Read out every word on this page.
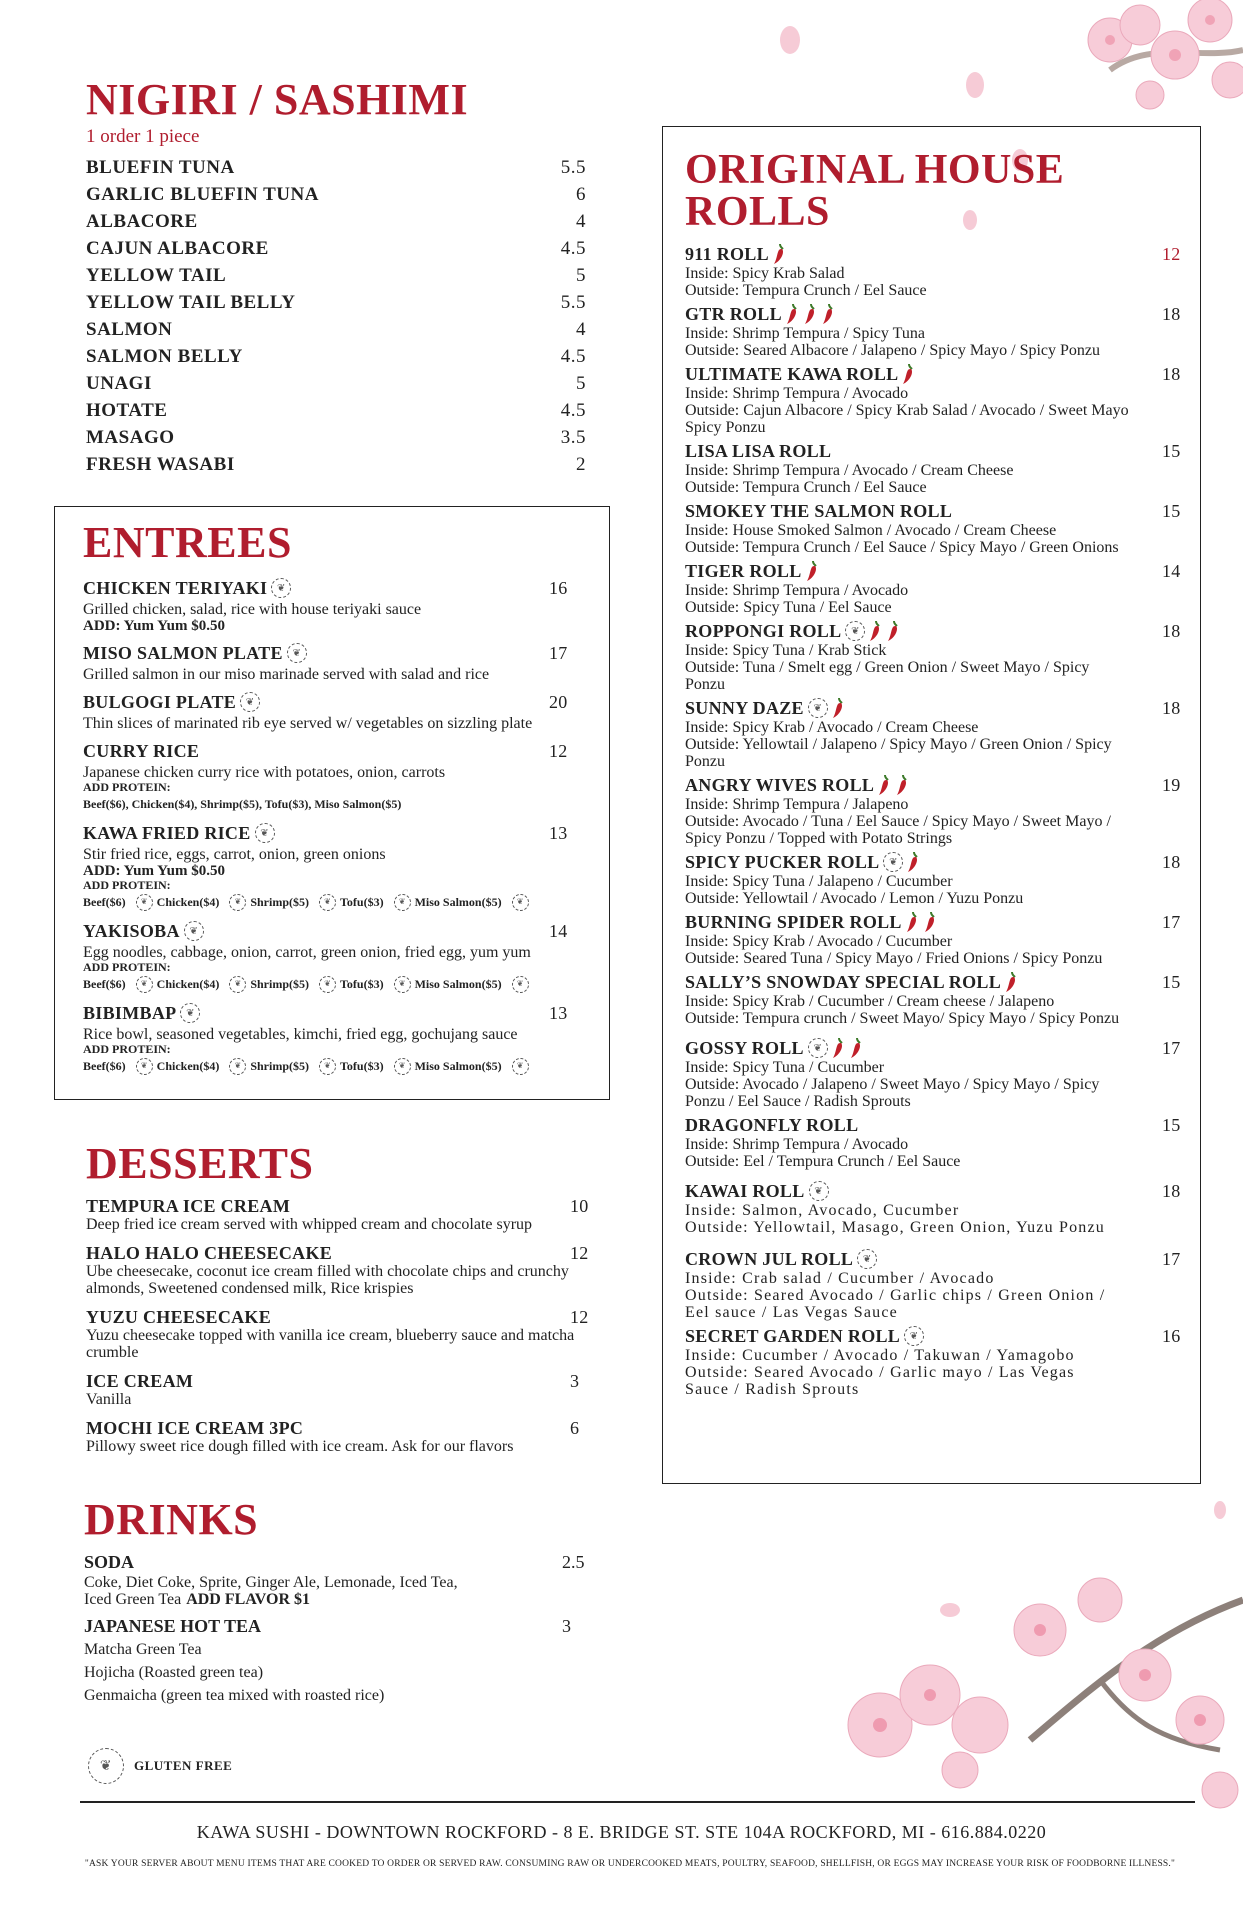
NIGIRI / SASHIMI
1 order 1 piece
BLUEFIN TUNA	5.5
GARLIC BLUEFIN TUNA	6
ALBACORE	4
CAJUN ALBACORE	4.5
YELLOW TAIL	5
YELLOW TAIL BELLY	5.5
SALMON	4
SALMON BELLY	4.5
UNAGI	5
HOTATE	4.5
MASAGO	3.5
FRESH WASABI	2
ENTREES
CHICKEN TERIYAKI ❦	16
Grilled chicken, salad, rice with house teriyaki sauce
ADD: Yum Yum $0.50
MISO SALMON PLATE ❦	17
Grilled salmon in our miso marinade served with salad and rice
BULGOGI PLATE ❦	20
Thin slices of marinated rib eye served w/ vegetables on sizzling plate
CURRY RICE	12
Japanese chicken curry rice with potatoes, onion, carrots
ADD PROTEIN:
Beef($6), Chicken($4), Shrimp($5), Tofu($3), Miso Salmon($5)
KAWA FRIED RICE ❦	13
Stir fried rice, eggs, carrot, onion, green onions
ADD: Yum Yum $0.50
ADD PROTEIN:
Beef($6)	❦ Chicken($4)	❦ Shrimp($5)	❦ Tofu($3)	❦ Miso Salmon($5)	❦
YAKISOBA ❦	14
Egg noodles, cabbage, onion, carrot, green onion, fried egg, yum yum
ADD PROTEIN:
Beef($6)	❦ Chicken($4)	❦ Shrimp($5)	❦ Tofu($3)	❦ Miso Salmon($5)	❦
BIBIMBAP ❦	13
Rice bowl, seasoned vegetables, kimchi, fried egg, gochujang sauce
ADD PROTEIN:
Beef($6)	❦ Chicken($4)	❦ Shrimp($5)	❦ Tofu($3)	❦ Miso Salmon($5)	❦
DESSERTS
TEMPURA ICE CREAM	10
Deep fried ice cream served with whipped cream and chocolate syrup
HALO HALO CHEESECAKE	12
Ube cheesecake, coconut ice cream filled with chocolate chips and crunchy almonds, Sweetened condensed milk, Rice krispies
YUZU CHEESECAKE	12
Yuzu cheesecake topped with vanilla ice cream, blueberry sauce and matcha crumble
ICE CREAM	3
Vanilla
MOCHI ICE CREAM 3PC	6
Pillowy sweet rice dough filled with ice cream. Ask for our flavors
DRINKS
SODA	2.5
Coke, Diet Coke, Sprite, Ginger Ale, Lemonade, Iced Tea,
Iced Green Tea ADD FLAVOR $1
JAPANESE HOT TEA	3
Matcha Green Tea
Hojicha (Roasted green tea)
Genmaicha (green tea mixed with roasted rice)
❦	GLUTEN FREE
ORIGINAL HOUSE ROLLS
911 ROLL	12
Inside: Spicy Krab Salad
Outside: Tempura Crunch / Eel Sauce
GTR ROLL	18
Inside: Shrimp Tempura / Spicy Tuna
Outside: Seared Albacore / Jalapeno / Spicy Mayo / Spicy Ponzu
ULTIMATE KAWA ROLL	18
Inside: Shrimp Tempura / Avocado
Outside: Cajun Albacore / Spicy Krab Salad / Avocado / Sweet Mayo
Spicy Ponzu
LISA LISA ROLL	15
Inside: Shrimp Tempura / Avocado / Cream Cheese
Outside: Tempura Crunch / Eel Sauce
SMOKEY THE SALMON ROLL	15
Inside: House Smoked Salmon / Avocado / Cream Cheese
Outside: Tempura Crunch / Eel Sauce / Spicy Mayo / Green Onions
TIGER ROLL	14
Inside: Shrimp Tempura / Avocado
Outside: Spicy Tuna / Eel Sauce
ROPPONGI ROLL ❦	18
Inside: Spicy Tuna / Krab Stick
Outside: Tuna / Smelt egg / Green Onion / Sweet Mayo / Spicy
Ponzu
SUNNY DAZE ❦	18
Inside: Spicy Krab / Avocado / Cream Cheese
Outside: Yellowtail / Jalapeno / Spicy Mayo / Green Onion / Spicy
Ponzu
ANGRY WIVES ROLL	19
Inside: Shrimp Tempura / Jalapeno
Outside: Avocado / Tuna / Eel Sauce / Spicy Mayo / Sweet Mayo /
Spicy Ponzu / Topped with Potato Strings
SPICY PUCKER ROLL ❦	18
Inside: Spicy Tuna / Jalapeno / Cucumber
Outside: Yellowtail / Avocado / Lemon / Yuzu Ponzu
BURNING SPIDER ROLL	17
Inside: Spicy Krab / Avocado / Cucumber
Outside: Seared Tuna / Spicy Mayo / Fried Onions / Spicy Ponzu
SALLY’S SNOWDAY SPECIAL ROLL	15
Inside: Spicy Krab / Cucumber / Cream cheese / Jalapeno
Outside: Tempura crunch / Sweet Mayo/ Spicy Mayo / Spicy Ponzu
GOSSY ROLL ❦	17
Inside: Spicy Tuna / Cucumber
Outside: Avocado / Jalapeno / Sweet Mayo / Spicy Mayo / Spicy
Ponzu / Eel Sauce / Radish Sprouts
DRAGONFLY ROLL	15
Inside: Shrimp Tempura / Avocado
Outside: Eel / Tempura Crunch / Eel Sauce
KAWAI ROLL ❦	18
Inside: Salmon, Avocado, Cucumber
Outside: Yellowtail, Masago, Green Onion, Yuzu Ponzu
CROWN JUL ROLL ❦	17
Inside: Crab salad / Cucumber / Avocado
Outside: Seared Avocado / Garlic chips / Green Onion /
Eel sauce / Las Vegas Sauce
SECRET GARDEN ROLL ❦	16
Inside: Cucumber / Avocado / Takuwan / Yamagobo
Outside: Seared Avocado / Garlic mayo / Las Vegas
Sauce / Radish Sprouts
KAWA SUSHI - DOWNTOWN ROCKFORD - 8 E. BRIDGE ST. STE 104A ROCKFORD, MI - 616.884.0220
"ASK YOUR SERVER ABOUT MENU ITEMS THAT ARE COOKED TO ORDER OR SERVED RAW. CONSUMING RAW OR UNDERCOOKED MEATS, POULTRY, SEAFOOD, SHELLFISH, OR EGGS MAY INCREASE YOUR RISK OF FOODBORNE ILLNESS."
